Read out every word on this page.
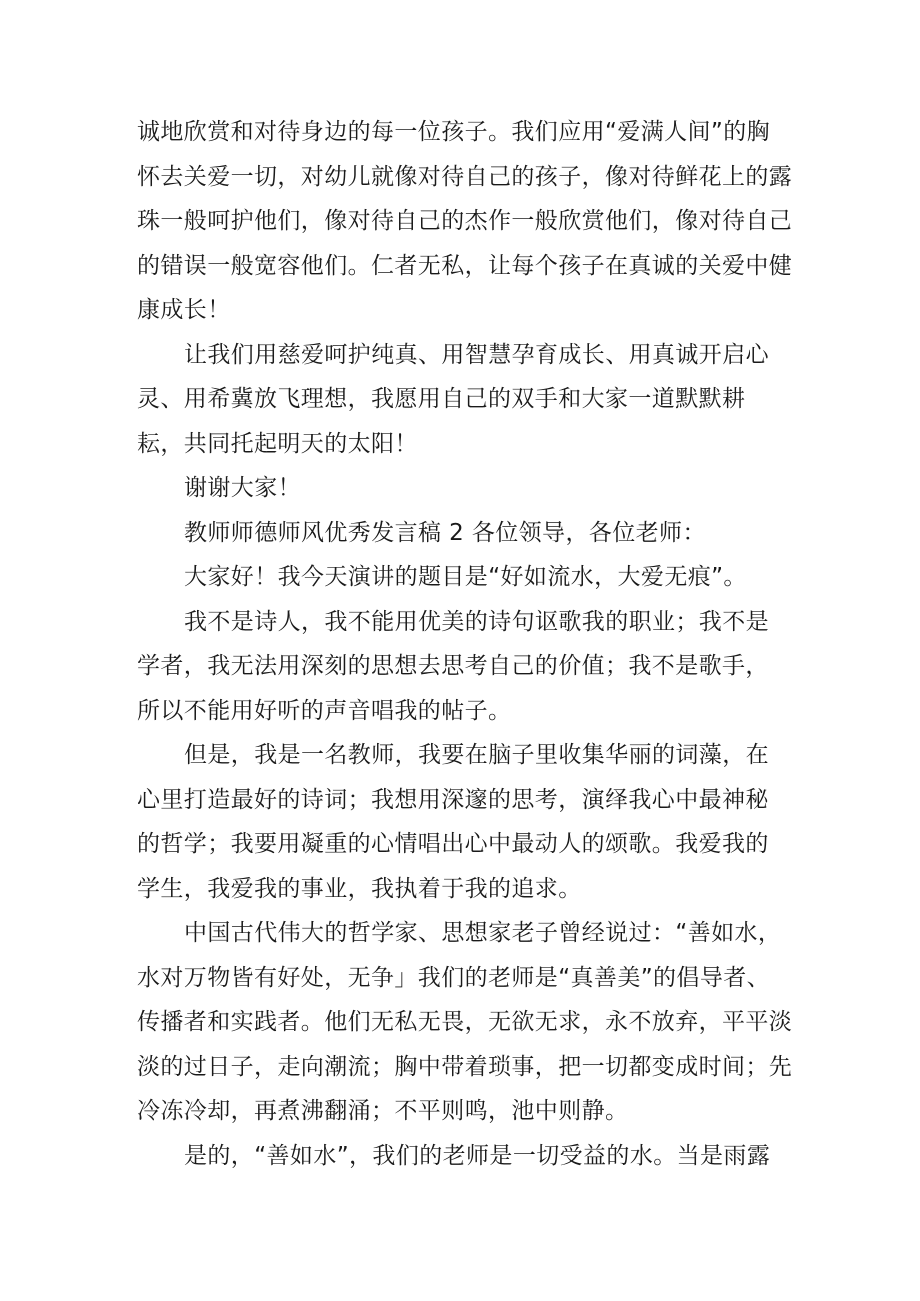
诚地欣赏和对待身边的每一位孩子。我们应用“爱满人间”的胸

怀去关爱一切，对幼儿就像对待自己的孩子，像对待鲜花上的露

珠一般呵护他们，像对待自己的杰作一般欣赏他们，像对待自己

的错误一般宽容他们。仁者无私，让每个孩子在真诚的关爱中健

康成长！

让我们用慈爱呵护纯真、用智慧孕育成长、用真诚开启心

灵、用希冀放飞理想，我愿用自己的双手和大家一道默默耕

耘，共同托起明天的太阳！

谢谢大家！

教师师德师风优秀发言稿 2 各位领导，各位老师：

大家好！我今天演讲的题目是“好如流水，大爱无痕”。

我不是诗人，我不能用优美的诗句讴歌我的职业；我不是

学者，我无法用深刻的思想去思考自己的价值；我不是歌手，

所以不能用好听的声音唱我的帖子。

但是，我是一名教师，我要在脑子里收集华丽的词藻，在

心里打造最好的诗词；我想用深邃的思考，演绎我心中最神秘

的哲学；我要用凝重的心情唱出心中最动人的颂歌。我爱我的

学生，我爱我的事业，我执着于我的追求。

中国古代伟大的哲学家、思想家老子曾经说过：“善如水，

水对万物皆有好处，无争」我们的老师是“真善美”的倡导者、

传播者和实践者。他们无私无畏，无欲无求，永不放弃，平平淡

淡的过日子，走向潮流；胸中带着琐事，把一切都变成时间；先

冷冻冷却，再煮沸翻涌；不平则鸣，池中则静。

是的，“善如水”，我们的老师是一切受益的水。当是雨露
